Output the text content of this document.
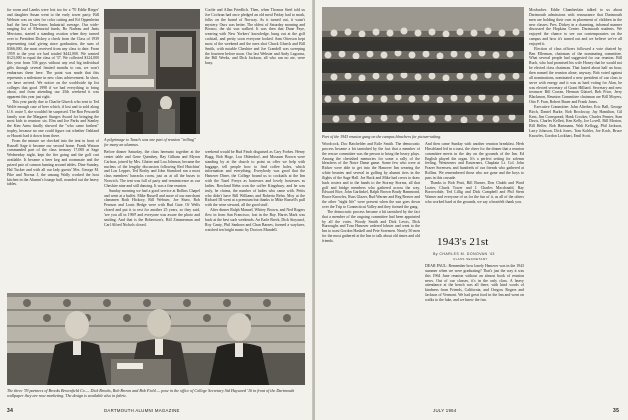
for room and Lambs were lost too for a '70 Eddie Rieger' and daughter Susan went to the early tower party. Bill Webster was on sites for color cutting and Ed Oppenheim had the best Dow-Jones Industrial average. Our wide-ranging list of Memorial funds, Bo Nadeau and Janis Merciano, started a standing ovation when they turned over to President Dickey a check from the Class of 1939 representing total giving since graduation, the sum of $366,000, the most received from any class to date. From 1959 to the year we had totaled $442,000. We wanted $123,000 to equal the class of '37. We collected $124,000 this year from 536 guys without any real big individual gifts through several limited months to run, we won't embarrass them here. The point was made that this represents a milestone in new class achievement. In short, we have arrived. We notice on the worldwide tip list colleges that good 1998 if we had everything to bring about, and from attending our 25th weekend it was apparent this year just right.

This year partly due to Charlie Glueck who sent to Ted Wolfe enough case of beer which, if lost and to sold along U.S. route 5, she wouldn't be surprised. The Ron Pescatelli family won the Margaret Sturges Award for bringing the most kids to reunion: six. Elm and Joe Parks and Stanley the Kim Arms finally showed the "who came farthest" trophy, because no one could figure out whether Oakland or Hawaii had it down from there.

From the minute we checked into the tent in front of Russell Sage it became our second home. Frank Watson commanded part of the class treasury 17,000 at Sage Wednesday night, kept the fire going and the golf cart available. It became a beer keg and roommate and the prized pair of cannon hunting around tables. Dine Sunday, Hal Tucker and with all our lady guests' Mrs. George M. Pike and Norma J, the unsung Wally worked the host kitchen in the Alumni's lounge hall, rounded out the heavy tables.

A pilgrimage to Tanzi's was one part of reunion "trilling" for many an alumnus.

Before dinner Saturday, the class hereunto together at the center table and Gene Quimbey, Ray Gilham and Myron Carlson, joined by Mrs. Glatter and Lou Johnson, became the nucleus of the lengthy discussion following Red Hutchins' and Lou Lepper, Ted Rosby and John Stamford ran a most class members' barracks room, just as at all the buses to Norwich. The tent was full of party and reminiscence as our Cheshire nine and still dancing. It was a fine reunion.

Sunday morning we had a good service at Rollins Chapel and went at a buffet. Mike Russell and more of our merchant clansmen Roth Hickory, Bill Webster, Joe Shaw, Rob Pearson and Louis Hedge were with Bud Gate. Of Wells closed and put it to rest for another 25 years, so they said, 'see you all in 1969' and everyone was aware the photo and smiling. And that is the Robertson's, Bill Zimmerman and Carl Alfred Nichols closed.

Coolie and Allan Friedlich. Then, when Thomas Steel told us Joe Cochran had once pledged an old meal Friday had to mark, folks on the brand of Norway. As it turned out, it wasn't mystery. Ours was better. The oldest of Saturday morning and Bronco, the ski was walked. It was then that Dune Faye, wearing with New Yorkers' knowledge, hung out at the golf cocktail, and pretty soon everyone looked. Sam Otterson kept most of the weekend and the ones shot Chuck Glueck and Bill Smith, with notable Cheshire and Joe Crandell was sweeping the fourteen before noon. Our last Webster and Andy Lagoona, the Bill Weeks, and Dick Jackson, all who ran no ate, were busy.

weekend would be Bud Finch disguised as Cary Forbes. Henry Bugg, Bob Hoge, Lou Ohlendorf, and Mossum Brown were standing by at the church to point us offer we help with baggage, tell people how to find coffee holes, which information and everything. Everybody was good that the Hanover Diner, the College bound us to cocktails at the Inn with the Tazel Frerys as hostesses and lovely hostesses as ladies. Rowland Rehn won the coffee Kingsbury, and he was truly, he claims, the number of ladies who came with. Pettis who didn't have Bill Williams and Roberta Rehn. Moy at the Richard III went at a premium but thanks to Mike Russell's pull with the wine steward, all the good stuff.

After dinner Ralph Manuel, Whitey Brown, and Ned Rogers flew in from San Francisco, lost in the Bay. Harris Mark was back at the best such weekends. An Earle Breck, Dick Stoyanof, Roy Canty, Phil Sanborn and Chan Barnes, formed a wayfarer, watched ten bright music by Doctors Mundell.

The three '39 partners of Brooks Brownfield Co.— Dick Brooks, Bob Brown and Bob Field — pose in the office of College Secretary Sid Hayward '16 in front of the Dartmouth wallpaper they are now marketing. The design is available also in fabric.
34	DARTMOUTH ALUMNI MAGAZINE
Part of the 1943 reunion gang on the campus bleachers for picture-taking.

Woodcock, Doc Batchelder and Estle Smith. The democratic process became a bit tarnished by the fact that a member of the rescue committee was the person to bring the heavy plays. Among the cherished memories for some a rally of the bleachers of the Notre Dame game. Some few who were at Ricker were able to get into the Hanover Inn wearing the white beanies and several in golfing by alumni tiers in the flights of the Sage Hall. Joe Buck and Mike had crews to draw back rosters and to the hands to the Stormy Storms, all that golf and bridge members who gathered across the way. Edward Rice, John Garfinkel, Ralph Brown Brady Hammond, Bruce Knowles, Russ Glazer, Bud Warner and Reg Beaver and the other "night life" were present when the sun goes down over the Trip to Connecticut Valley and they formed the gang.

The democratic process became a bit tarnished by the fact that a member of the ongoing committee had been appointed by all the votes. Woody Smith and Dick Lewis, Dick Burroughs and Tom Hanover ordered lobster and went to the Inn to toast Gordon Haskell and Pete Sorensen. Nearly 50 men for the most gathered at the Inn to talk about old times and old friends.

And then came Sunday with another reunion breakfast. Herb Hirschland led in a toast, the cheer for the dinner that a reunion committee meets in the day on the grounds of the Inn. Ed English played the organ. It's a perfect setting for solemn feeling. Westerners and Easterners, Chaplain Lt. Col. John Frazer Sorensen, and hundreds of our friends who gathered at Rollins. We remembered those who are gone and the boys to pass in this crusade.

Thanks to Bob Pratt, Bill Barner, Don Chubb and Ward Lozier, Chuck Tower and J. Charles Macdonald, Ray Borrowdale, Ted Lillig and Dick Campbell and Phil Stern Warner and everyone of us for the fun of it, as all of the others who worked hard at the grounds, we say a heartfelt thank you.

1943's 21st
By CHARLES M. DONOVAN '43
CLASS SECRETARY

DEAR PAUL: Remember how lonely Hanover was in the 1943 summer when we were graduating? That's just the way it was this 1964 June reunion without an almost book of reunion news. Out of our classes, it's in the only class. A heavy attendance at the bench was all there, with kind words of kindness from Friends, California, and Oregon. Rogers and Jackson of Vermont. We had great food in the Inn and went on walks to the lake, and we knew the fun.

Mosbacher. Eddie Chamberlain talked to us about Dartmouth admissions with reassurance that Dartmouth men are holding their own in placement of children in the new classes. Pres. Dickey in a charming, informal manner discussed the Hopkins Center. Dartmouth students. We enjoyed the chance to see our contemporaries on the campus and how it's turned out and we believe we've all enjoyed it.

Election of class officers followed a vote chaired by Ben Ellerman, chairman of the nominating committee. What several people had suggested for our reunion. Bill Ruch, who had promised his wife Honey that he would not be elected class chairman. That lasted about half an hour, then named the reunion alone, anyway. Bob voted against all nominations, nominated a new president of our class to serve with energy and it was as hard voting for Alan, he was elected secretary of Grant Hilliard. Secretary and new treasurer Bill Corran, Herman Glatzel, Bob Price, Jerry Blackmon, Reunion Committee chairman are Bill Moyers, Otto F. Fran, Robert Bauer and Frank Jones.

Executive Committee: John Alterber, Eric Ball, George Birch, Daniel Burke, Bob Brockway, Jay Hamilton, Gil Kent, Jim Cornspread, Hank Crocker, Charles Fenner, Stan Davis, Charles Kellett, Ken Kelly, Joe Lovell, Bill Morton, Bill Heller, Bob Hartmann, Walt Kellogg, Phil Jackson, Larry Johnson, Dick Jones, Tom Kohler, Joe Koch, Bruce Knowles, Gordon Lockhart, Emil Scott.

JULY 1964	35
